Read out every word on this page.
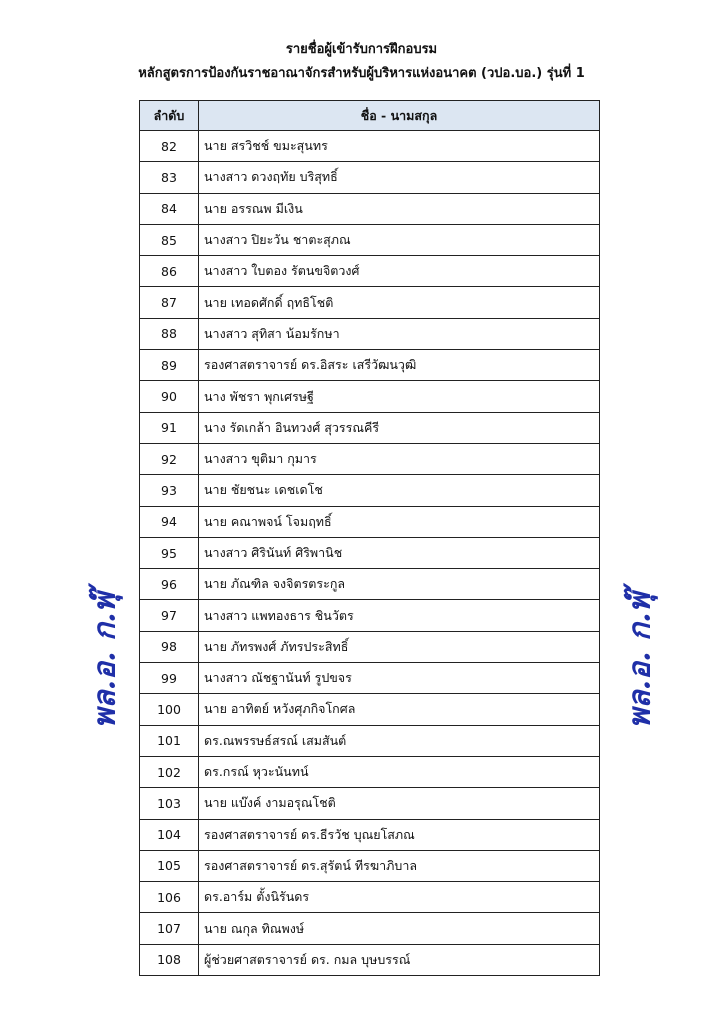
รายชื่อผู้เข้ารับการฝึกอบรม
หลักสูตรการป้องกันราชอาณาจักรสำหรับผู้บริหารแห่งอนาคต (วปอ.บอ.) รุ่นที่ 1
ลำดับ	ชื่อ - นามสกุล
82	นาย สรวิชช์ ขมะสุนทร
83	นางสาว ดวงฤทัย บริสุทธิ์
84	นาย อรรณพ มีเงิน
85	นางสาว ปิยะวัน ชาตะสุภณ
86	นางสาว ใบตอง รัตนขจิตวงศ์
87	นาย เทอดศักดิ์ ฤทธิโชติ
88	นางสาว สุทิสา น้อมรักษา
89	รองศาสตราจารย์ ดร.อิสระ เสรีวัฒนวุฒิ
90	นาง พัชรา พุกเศรษฐี
91	นาง รัดเกล้า อินทวงศ์ สุวรรณคีรี
92	นางสาว ขุติมา กุมาร
93	นาย ชัยชนะ เดชเดโช
94	นาย คณาพจน์ โจมฤทธิ์
95	นางสาว ศิรินันท์ ศิริพานิช
96	นาย ภัณฑิล จงจิตรตระกูล
97	นางสาว แพทองธาร ชินวัตร
98	นาย ภัทรพงศ์ ภัทรประสิทธิ์
99	นางสาว ณัชฐานันท์ รูปขจร
100	นาย อาทิตย์ หวังศุภกิจโกศล
101	ดร.ณพรรษธ์สรณ์ เสมสันต์
102	ดร.กรณ์ หุวะนันทน์
103	นาย แบ๊งค์ งามอรุณโชติ
104	รองศาสตราจารย์ ดร.ธีรวัช บุณยโสภณ
105	รองศาสตราจารย์ ดร.สุรัตน์ ทีรฆาภิบาล
106	ดร.อาร์ม ตั้งนิรันดร
107	นาย ณกุล ทิณพงษ์
108	ผู้ช่วยศาสตราจารย์ ดร. กมล บุษบรรณ์
พล.อ. ก.พุ๊	พล.อ. ก.พุ๊
